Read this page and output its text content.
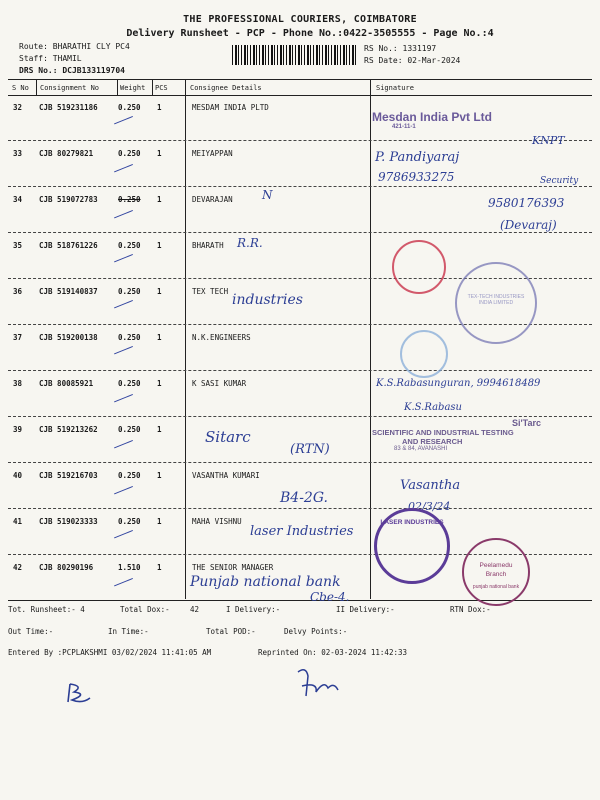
THE PROFESSIONAL COURIERS, COIMBATORE
Delivery Runsheet - PCP - Phone No.:0422-3505555 - Page No.:4
Route: BHARATHI CLY PC4
Staff: THAMIL
DRS No.: DCJB133119704
RS No.: 1331197
RS Date: 02-Mar-2024
S No Consignment No	Weight PCS	Consignee Details	Signature
32 CJB 519231186	0.250 1	MESDAM INDIA PLTD
33 CJB 80279821	0.250 1	MEIYAPPAN
34 CJB 519072783	0.250 1	DEVARAJAN
35 CJB 518761226	0.250 1	BHARATH
36 CJB 519140837	0.250 1	TEX TECH
37 CJB 519200138	0.250 1	N.K.ENGINEERS
38 CJB 80085921	0.250 1	K SASI KUMAR
39 CJB 519213262	0.250 1
40 CJB 519216703	0.250 1	VASANTHA KUMARI
41 CJB 519023333	0.250 1	MAHA VISHNU
42 CJB 80290196	1.510 1	THE SENIOR MANAGER
N
R.R.
industries
Sitarc
(RTN)
B4-2G.
laser Industries
Punjab national bank
Cbe-4.
Mesdan India Pvt Ltd
421-11-1
KNPT
P. Pandiyaraj
9786933275	Security
9580176393
(Devaraj)
TEX-TECH INDUSTRIES INDIA LIMITED
K.S.Rabasunguran, 9994618489
K.S.Rabasu
Si'Tarc
SCIENTIFIC AND INDUSTRIAL TESTING
AND RESEARCH
83 & 84, AVANASHI
Vasantha
02/3/24
LASER INDUSTRIES
Peelamedu
Branch
punjab national bank
Tot. Runsheet:- 4	Total Dox:-	42	I Delivery:-	II Delivery:-	RTN Dox:-
Out Time:-	In Time:-	Total POD:-	Delvy Points:-
Entered By :PCPLAKSHMI 03/02/2024 11:41:05 AM	Reprinted On: 02-03-2024 11:42:33
